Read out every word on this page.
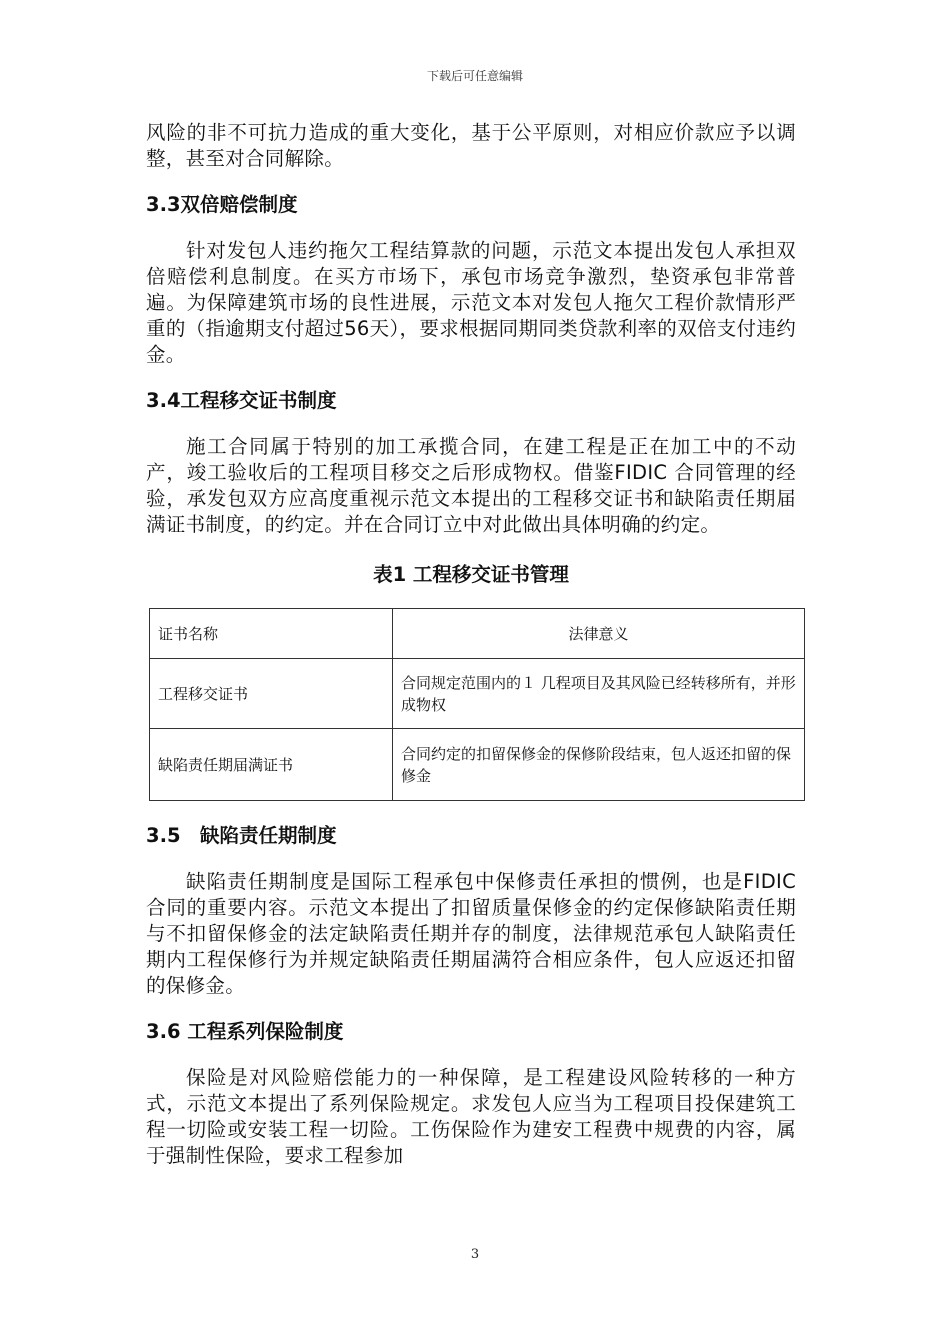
下载后可任意编辑

风险的非不可抗力造成的重大变化，基于公平原则，对相应价款应予以调整，甚至对合同解除。

3.3双倍赔偿制度

针对发包人违约拖欠工程结算款的问题，示范文本提出发包人承担双倍赔偿利息制度。在买方市场下，承包市场竞争激烈，垫资承包非常普遍。为保障建筑市场的良性进展，示范文本对发包人拖欠工程价款情形严重的（指逾期支付超过56天），要求根据同期同类贷款利率的双倍支付违约金。

3.4工程移交证书制度

施工合同属于特别的加工承揽合同，在建工程是正在加工中的不动产，竣工验收后的工程项目移交之后形成物权。借鉴FIDIC 合同管理的经验，承发包双方应高度重视示范文本提出的工程移交证书和缺陷责任期届满证书制度，的约定。并在合同订立中对此做出具体明确的约定。

表1 工程移交证书管理

证书名称	法律意义
工程移交证书	合同规定范围内的１ 几程项目及其风险已经转移所有，并形成物权
缺陷责任期届满证书	合同约定的扣留保修金的保修阶段结束，包人返还扣留的保修金

3.5　缺陷责任期制度

缺陷责任期制度是国际工程承包中保修责任承担的惯例，也是FIDIC 合同的重要内容。示范文本提出了扣留质量保修金的约定保修缺陷责任期与不扣留保修金的法定缺陷责任期并存的制度，法律规范承包人缺陷责任期内工程保修行为并规定缺陷责任期届满符合相应条件，包人应返还扣留的保修金。

3.6 工程系列保险制度

保险是对风险赔偿能力的一种保障，是工程建设风险转移的一种方式，示范文本提出了系列保险规定。求发包人应当为工程项目投保建筑工程一切险或安装工程一切险。工伤保险作为建安工程费中规费的内容，属于强制性保险，要求工程参加

3
